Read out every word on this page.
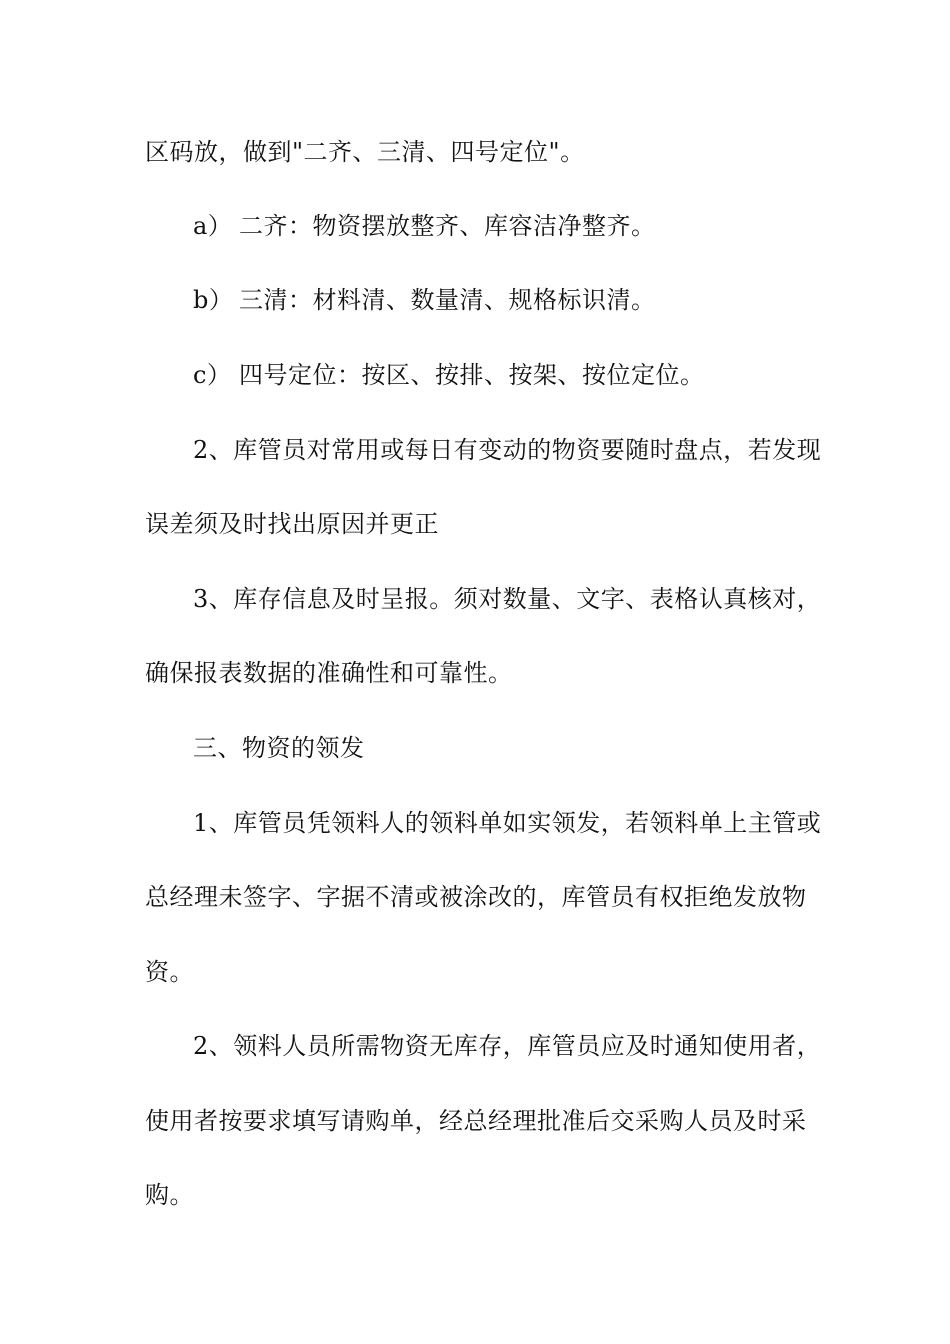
区码放，做到"二齐、三清、四号定位"。
a） 二齐：物资摆放整齐、库容洁净整齐。
b） 三清：材料清、数量清、规格标识清。
c） 四号定位：按区、按排、按架、按位定位。
2、库管员对常用或每日有变动的物资要随时盘点，若发现
误差须及时找出原因并更正
3、库存信息及时呈报。须对数量、文字、表格认真核对，
确保报表数据的准确性和可靠性。
三、物资的领发
1、库管员凭领料人的领料单如实领发，若领料单上主管或
总经理未签字、字据不清或被涂改的，库管员有权拒绝发放物
资。
2、领料人员所需物资无库存，库管员应及时通知使用者，
使用者按要求填写请购单，经总经理批准后交采购人员及时采
购。
